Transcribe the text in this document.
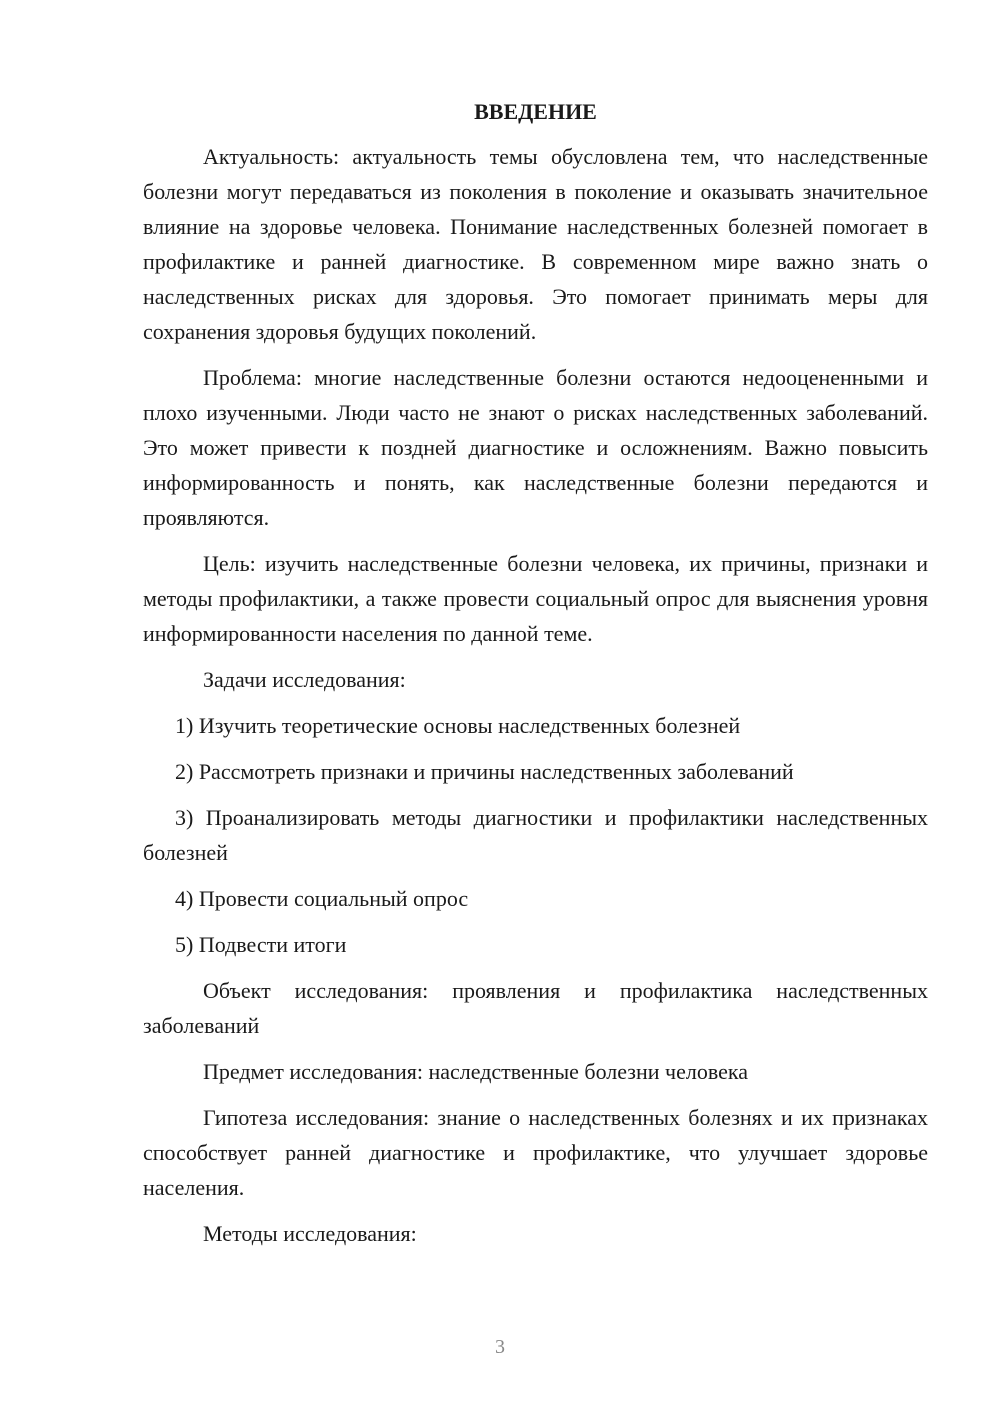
ВВЕДЕНИЕ

Актуальность: актуальность темы обусловлена тем, что наследственные болезни могут передаваться из поколения в поколение и оказывать значительное влияние на здоровье человека. Понимание наследственных болезней помогает в профилактике и ранней диагностике. В современном мире важно знать о наследственных рисках для здоровья. Это помогает принимать меры для сохранения здоровья будущих поколений.

Проблема: многие наследственные болезни остаются недооцененными и плохо изученными. Люди часто не знают о рисках наследственных заболеваний. Это может привести к поздней диагностике и осложнениям. Важно повысить информированность и понять, как наследственные болезни передаются и проявляются.

Цель: изучить наследственные болезни человека, их причины, признаки и методы профилактики, а также провести социальный опрос для выяснения уровня информированности населения по данной теме.

Задачи исследования:

1) Изучить теоретические основы наследственных болезней

2) Рассмотреть признаки и причины наследственных заболеваний

3) Проанализировать методы диагностики и профилактики наследственных болезней

4) Провести социальный опрос

5) Подвести итоги

Объект исследования: проявления и профилактика наследственных заболеваний

Предмет исследования: наследственные болезни человека

Гипотеза исследования: знание о наследственных болезнях и их признаках способствует ранней диагностике и профилактике, что улучшает здоровье населения.

Методы исследования:

3
